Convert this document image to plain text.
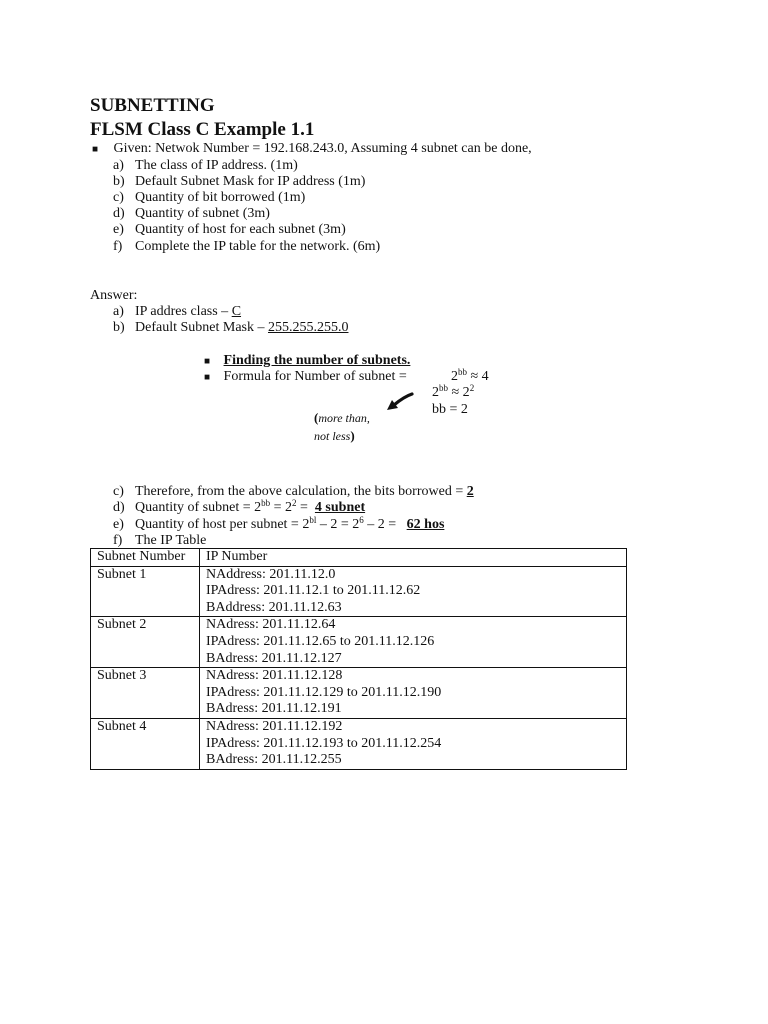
SUBNETTING
FLSM Class C Example 1.1
■ Given: Netwok Number = 192.168.243.0, Assuming 4 subnet can be done,
a) The class of IP address. (1m)
b) Default Subnet Mask for IP address (1m)
c) Quantity of bit borrowed (1m)
d) Quantity of subnet (3m)
e) Quantity of host for each subnet (3m)
f) Complete the IP table for the network. (6m)
Answer:
a) IP addres class – C
b) Default Subnet Mask – 255.255.255.0
■ Finding the number of subnets.
■ Formula for Number of subnet =	$2^{bb} \approx 4$
$2^{bb} \approx 2^2$
bb = 2
(more than,
not less)
c) Therefore, from the above calculation, the bits borrowed = 2
d) Quantity of subnet = $2^{bb} = 2^2 = 4$ subnet
e) Quantity of host per subnet = $2^{bl} - 2 = 2^6 - 2 = 62$ hos
f) The IP Table
Subnet Number	IP Number
Subnet 1	NAddress: 201.11.12.0
IPAdress: 201.11.12.1 to 201.11.12.62
BAddress: 201.11.12.63

Subnet 2	NAdress: 201.11.12.64
IPAdress: 201.11.12.65 to 201.11.12.126
BAdress: 201.11.12.127

Subnet 3	NAdress: 201.11.12.128
IPAdress: 201.11.12.129 to 201.11.12.190
BAdress: 201.11.12.191

Subnet 4	NAdress: 201.11.12.192
IPAdress: 201.11.12.193 to 201.11.12.254
BAdress: 201.11.12.255
